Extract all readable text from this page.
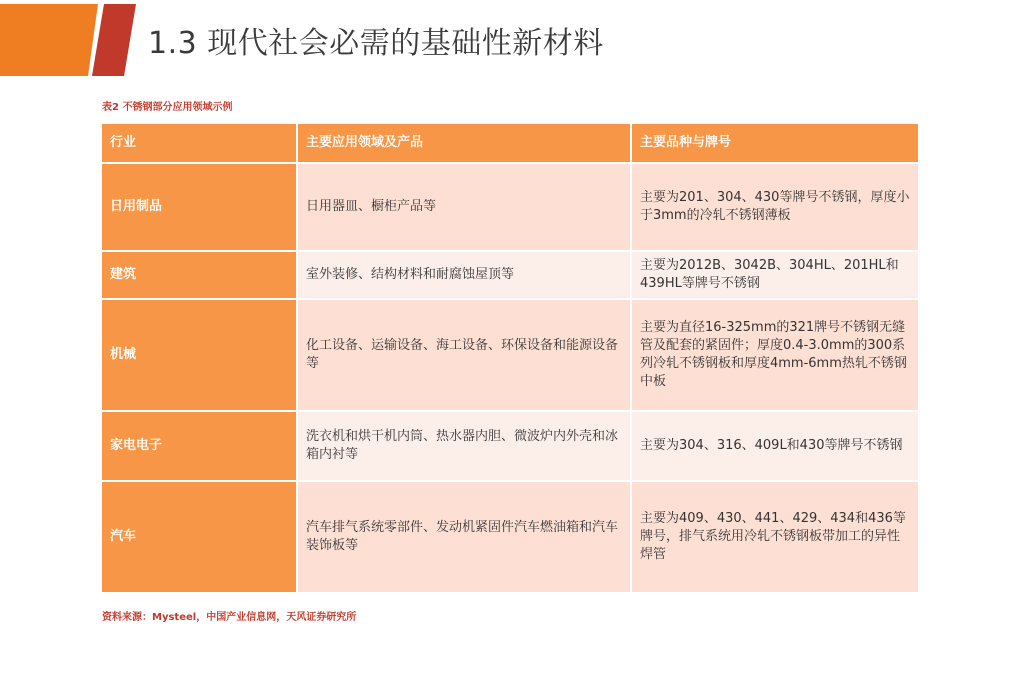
1.3 现代社会必需的基础性新材料
表2 不锈钢部分应用领域示例
行业	主要应用领域及产品	主要品种与牌号
日用制品	日用器皿、橱柜产品等	主要为201、304、430等牌号不锈钢，厚度小于3mm的冷轧不锈钢薄板
建筑	室外装修、结构材料和耐腐蚀屋顶等	主要为2012B、3042B、304HL、201HL和439HL等牌号不锈钢
机械	化工设备、运输设备、海工设备、环保设备和能源设备等	主要为直径16-325mm的321牌号不锈钢无缝管及配套的紧固件；厚度0.4-3.0mm的300系列冷轧不锈钢板和厚度4mm-6mm热轧不锈钢中板
家电电子	洗衣机和烘干机内筒、热水器内胆、微波炉内外壳和冰箱内衬等	主要为304、316、409L和430等牌号不锈钢
汽车	汽车排气系统零部件、发动机紧固件汽车燃油箱和汽车装饰板等	主要为409、430、441、429、434和436等牌号，排气系统用冷轧不锈钢板带加工的异性焊管
资料来源：Mysteel，中国产业信息网，天风证券研究所
